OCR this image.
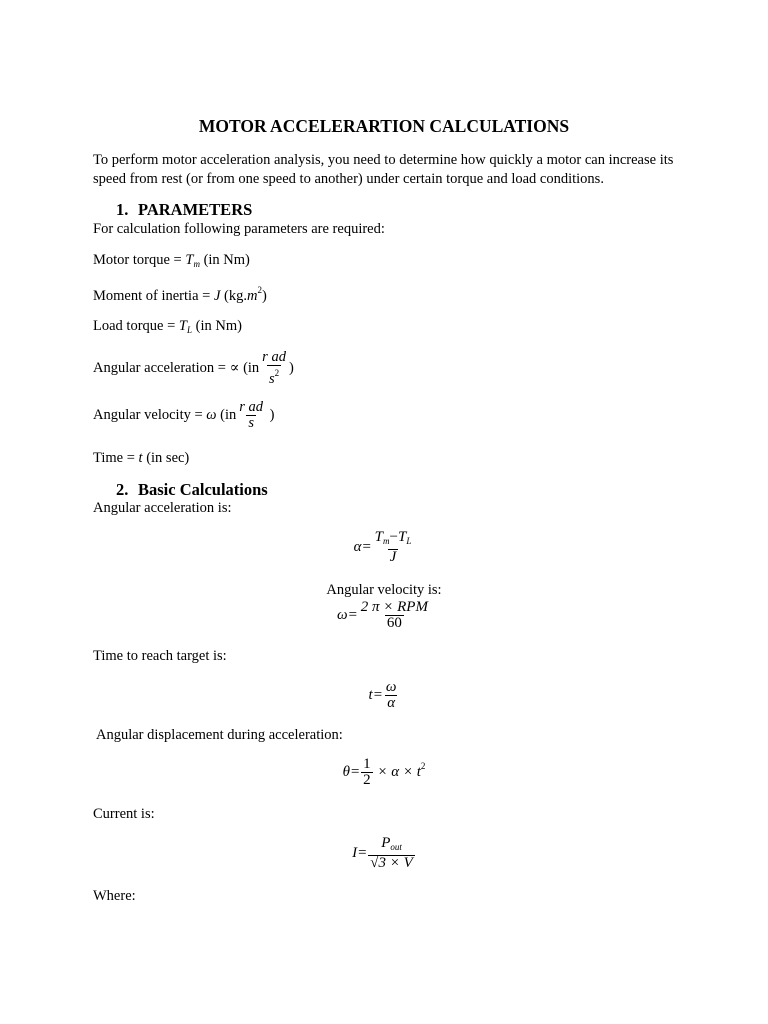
MOTOR ACCELERARTION CALCULATIONS
To perform motor acceleration analysis, you need to determine how quickly a motor can increase its speed from rest (or from one speed to another) under certain torque and load conditions.
1. PARAMETERS
For calculation following parameters are required:
Motor torque = $T_m$ (in Nm)
Moment of inertia = J $(kg.m^2)$
Load torque = $T_L$ (in Nm)
Angular acceleration = ∝ ($in \frac{\text{r ad}}{s^2}$ )
Angular velocity = ω ($in \frac{\text{r ad}}{s}$ )
Time = t (in sec)
2. Basic Calculations
Angular acceleration is:
$\alpha= \frac{T_m-T_L}{J}$
Angular velocity is:
$\omega= \frac{\text{2 π × RPM}}{60}$
Time to reach target is:
$t= \frac{\omega}{\alpha}$
Angular displacement during acceleration:
$\theta= \frac{1}{2} \times \alpha \times t^2$
Current is:
$I= \frac{P_{out}}{√3 \times V}$
Where:
